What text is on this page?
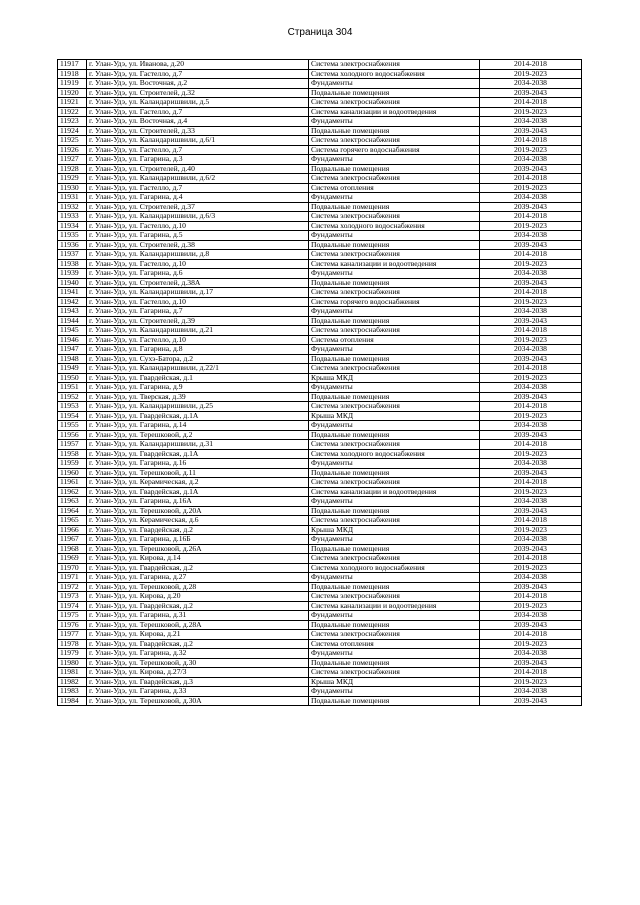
Страница 304
11917	г. Улан-Удэ, ул. Иванова, д.20	Система электроснабжения	2014-2018
11918	г. Улан-Удэ, ул. Гастелло, д.7	Система холодного водоснабжения	2019-2023
11919	г. Улан-Удэ, ул. Восточная, д.2	Фундаменты	2034-2038
11920	г. Улан-Удэ, ул. Строителей, д.32	Подвальные помещения	2039-2043
11921	г. Улан-Удэ, ул. Каландаришвили, д.5	Система электроснабжения	2014-2018
11922	г. Улан-Удэ, ул. Гастелло, д.7	Система канализации и водоотведения	2019-2023
11923	г. Улан-Удэ, ул. Восточная, д.4	Фундаменты	2034-2038
11924	г. Улан-Удэ, ул. Строителей, д.33	Подвальные помещения	2039-2043
11925	г. Улан-Удэ, ул. Каландаришвили, д.6/1	Система электроснабжения	2014-2018
11926	г. Улан-Удэ, ул. Гастелло, д.7	Система горячего водоснабжения	2019-2023
11927	г. Улан-Удэ, ул. Гагарина, д.3	Фундаменты	2034-2038
11928	г. Улан-Удэ, ул. Строителей, д.40	Подвальные помещения	2039-2043
11929	г. Улан-Удэ, ул. Каландаришвили, д.6/2	Система электроснабжения	2014-2018
11930	г. Улан-Удэ, ул. Гастелло, д.7	Система отопления	2019-2023
11931	г. Улан-Удэ, ул. Гагарина, д.4	Фундаменты	2034-2038
11932	г. Улан-Удэ, ул. Строителей, д.37	Подвальные помещения	2039-2043
11933	г. Улан-Удэ, ул. Каландаришвили, д.6/3	Система электроснабжения	2014-2018
11934	г. Улан-Удэ, ул. Гастелло, д.10	Система холодного водоснабжения	2019-2023
11935	г. Улан-Удэ, ул. Гагарина, д.5	Фундаменты	2034-2038
11936	г. Улан-Удэ, ул. Строителей, д.38	Подвальные помещения	2039-2043
11937	г. Улан-Удэ, ул. Каландаришвили, д.8	Система электроснабжения	2014-2018
11938	г. Улан-Удэ, ул. Гастелло, д.10	Система канализации и водоотведения	2019-2023
11939	г. Улан-Удэ, ул. Гагарина, д.6	Фундаменты	2034-2038
11940	г. Улан-Удэ, ул. Строителей, д.38А	Подвальные помещения	2039-2043
11941	г. Улан-Удэ, ул. Каландаришвили, д.17	Система электроснабжения	2014-2018
11942	г. Улан-Удэ, ул. Гастелло, д.10	Система горячего водоснабжения	2019-2023
11943	г. Улан-Удэ, ул. Гагарина, д.7	Фундаменты	2034-2038
11944	г. Улан-Удэ, ул. Строителей, д.39	Подвальные помещения	2039-2043
11945	г. Улан-Удэ, ул. Каландаришвили, д.21	Система электроснабжения	2014-2018
11946	г. Улан-Удэ, ул. Гастелло, д.10	Система отопления	2019-2023
11947	г. Улан-Удэ, ул. Гагарина, д.8	Фундаменты	2034-2038
11948	г. Улан-Удэ, ул. Сухэ-Батора, д.2	Подвальные помещения	2039-2043
11949	г. Улан-Удэ, ул. Каландаришвили, д.22/1	Система электроснабжения	2014-2018
11950	г. Улан-Удэ, ул. Гвардейская, д.1	Крыша МКД	2019-2023
11951	г. Улан-Удэ, ул. Гагарина, д.9	Фундаменты	2034-2038
11952	г. Улан-Удэ, ул. Тверская, д.39	Подвальные помещения	2039-2043
11953	г. Улан-Удэ, ул. Каландаришвили, д.25	Система электроснабжения	2014-2018
11954	г. Улан-Удэ, ул. Гвардейская, д.1А	Крыша МКД	2019-2023
11955	г. Улан-Удэ, ул. Гагарина, д.14	Фундаменты	2034-2038
11956	г. Улан-Удэ, ул. Терешковой, д.2	Подвальные помещения	2039-2043
11957	г. Улан-Удэ, ул. Каландаришвили, д.31	Система электроснабжения	2014-2018
11958	г. Улан-Удэ, ул. Гвардейская, д.1А	Система холодного водоснабжения	2019-2023
11959	г. Улан-Удэ, ул. Гагарина, д.16	Фундаменты	2034-2038
11960	г. Улан-Удэ, ул. Терешковой, д.11	Подвальные помещения	2039-2043
11961	г. Улан-Удэ, ул. Керамическая, д.2	Система электроснабжения	2014-2018
11962	г. Улан-Удэ, ул. Гвардейская, д.1А	Система канализации и водоотведения	2019-2023
11963	г. Улан-Удэ, ул. Гагарина, д.16А	Фундаменты	2034-2038
11964	г. Улан-Удэ, ул. Терешковой, д.20А	Подвальные помещения	2039-2043
11965	г. Улан-Удэ, ул. Керамическая, д.6	Система электроснабжения	2014-2018
11966	г. Улан-Удэ, ул. Гвардейская, д.2	Крыша МКД	2019-2023
11967	г. Улан-Удэ, ул. Гагарина, д.16Б	Фундаменты	2034-2038
11968	г. Улан-Удэ, ул. Терешковой, д.26А	Подвальные помещения	2039-2043
11969	г. Улан-Удэ, ул. Кирова, д.14	Система электроснабжения	2014-2018
11970	г. Улан-Удэ, ул. Гвардейская, д.2	Система холодного водоснабжения	2019-2023
11971	г. Улан-Удэ, ул. Гагарина, д.27	Фундаменты	2034-2038
11972	г. Улан-Удэ, ул. Терешковой, д.28	Подвальные помещения	2039-2043
11973	г. Улан-Удэ, ул. Кирова, д.20	Система электроснабжения	2014-2018
11974	г. Улан-Удэ, ул. Гвардейская, д.2	Система канализации и водоотведения	2019-2023
11975	г. Улан-Удэ, ул. Гагарина, д.31	Фундаменты	2034-2038
11976	г. Улан-Удэ, ул. Терешковой, д.28А	Подвальные помещения	2039-2043
11977	г. Улан-Удэ, ул. Кирова, д.21	Система электроснабжения	2014-2018
11978	г. Улан-Удэ, ул. Гвардейская, д.2	Система отопления	2019-2023
11979	г. Улан-Удэ, ул. Гагарина, д.32	Фундаменты	2034-2038
11980	г. Улан-Удэ, ул. Терешковой, д.30	Подвальные помещения	2039-2043
11981	г. Улан-Удэ, ул. Кирова, д.27/3	Система электроснабжения	2014-2018
11982	г. Улан-Удэ, ул. Гвардейская, д.3	Крыша МКД	2019-2023
11983	г. Улан-Удэ, ул. Гагарина, д.33	Фундаменты	2034-2038
11984	г. Улан-Удэ, ул. Терешковой, д.30А	Подвальные помещения	2039-2043
